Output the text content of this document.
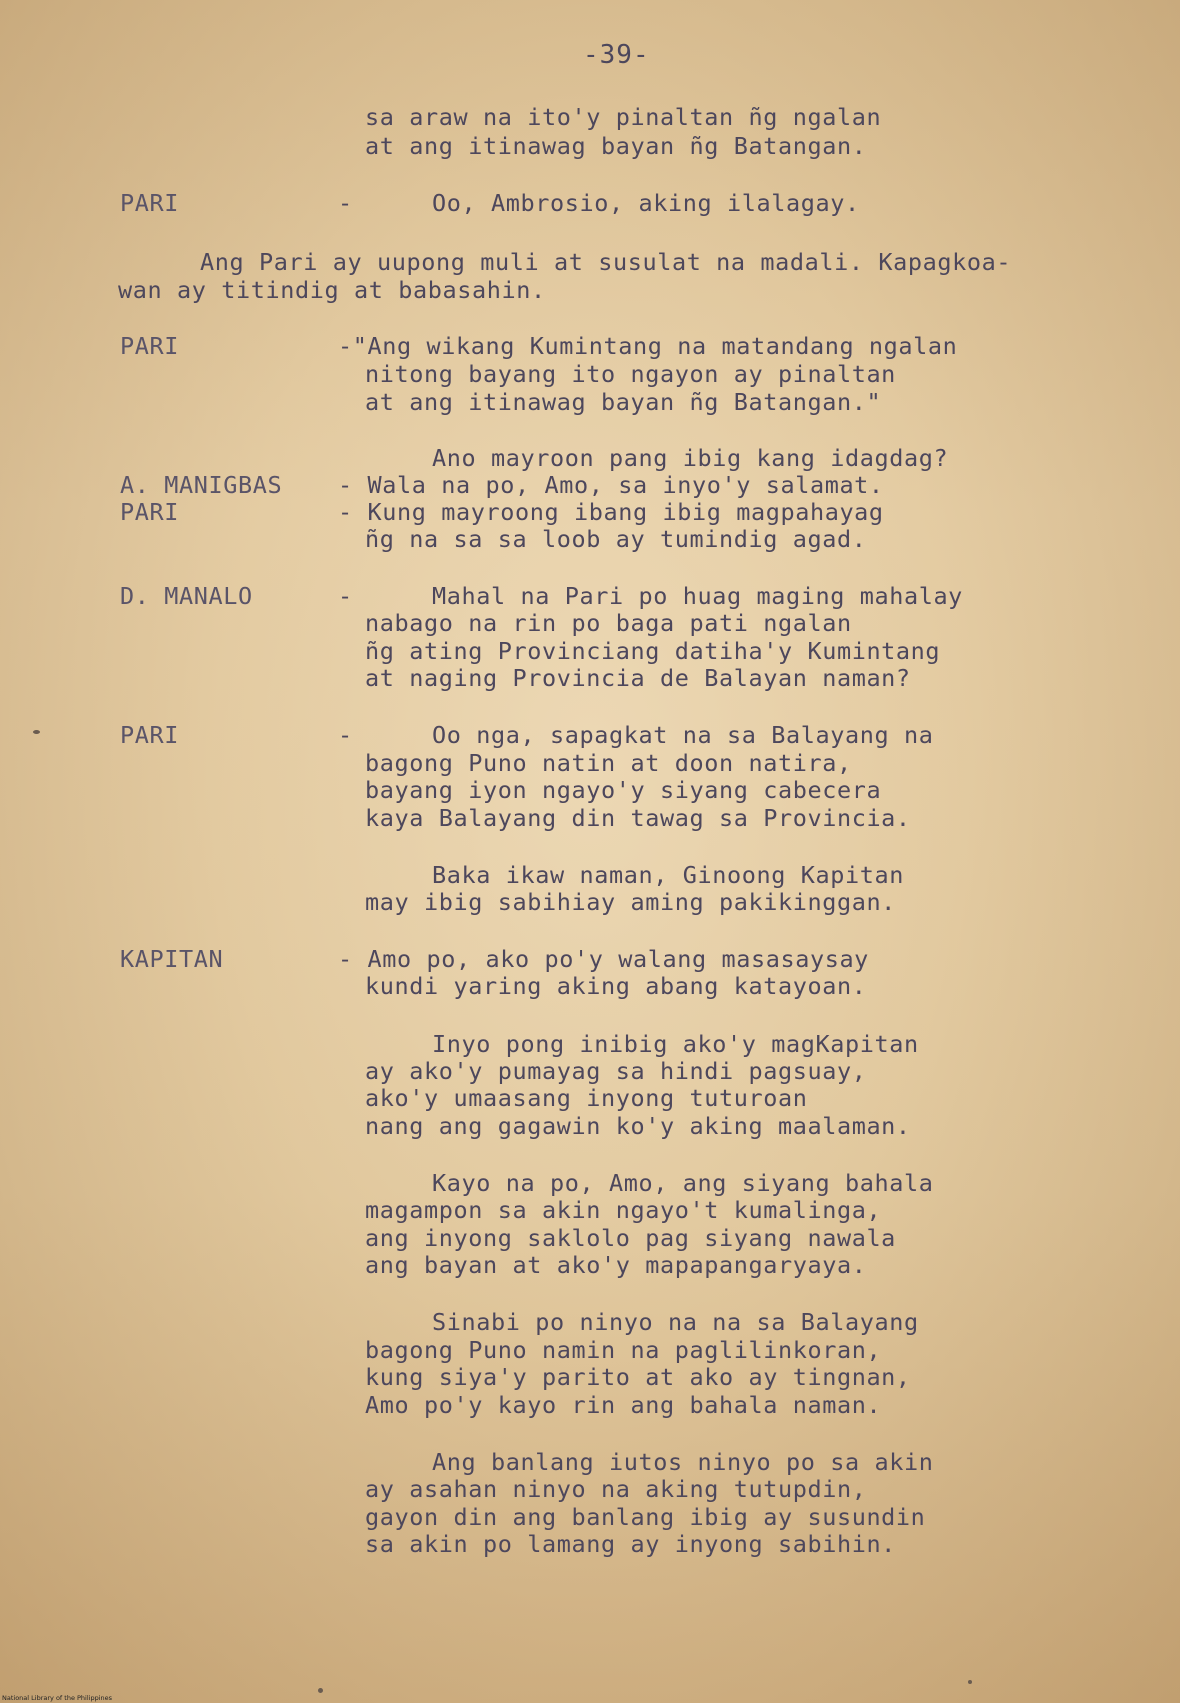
-39-
sa araw na ito'y pinaltan ñg ngalan
at ang itinawag bayan ñg Batangan.
PARI	-	Oo, Ambrosio, aking ilalagay.
Ang Pari ay uupong muli at susulat na madali. Kapagkoa-
wan ay titindig at babasahin.
PARI	-"Ang wikang Kumintang na matandang ngalan
nitong bayang ito ngayon ay pinaltan
at ang itinawag bayan ñg Batangan."
Ano mayroon pang ibig kang idagdag?
A. MANIGBAS - Wala na po, Amo, sa inyo'y salamat.
PARI	- Kung mayroong ibang ibig magpahayag
ñg na sa sa loob ay tumindig agad.
D. MANALO	-	Mahal na Pari po huag maging mahalay
nabago na rin po baga pati ngalan
ñg ating Provinciang datiha'y Kumintang
at naging Provincia de Balayan naman?
PARI	-	Oo nga, sapagkat na sa Balayang na
bagong Puno natin at doon natira,
bayang iyon ngayo'y siyang cabecera
kaya Balayang din tawag sa Provincia.
Baka ikaw naman, Ginoong Kapitan
may ibig sabihiay aming pakikinggan.
KAPITAN	- Amo po, ako po'y walang masasaysay
kundi yaring aking abang katayoan.
Inyo pong inibig ako'y magKapitan
ay ako'y pumayag sa hindi pagsuay,
ako'y umaasang inyong tuturoan
nang ang gagawin ko'y aking maalaman.
Kayo na po, Amo, ang siyang bahala
magampon sa akin ngayo't kumalinga,
ang inyong saklolo pag siyang nawala
ang bayan at ako'y mapapangaryaya.
Sinabi po ninyo na na sa Balayang
bagong Puno namin na paglilinkoran,
kung siya'y parito at ako ay tingnan,
Amo po'y kayo rin ang bahala naman.
Ang banlang iutos ninyo po sa akin
ay asahan ninyo na aking tutupdin,
gayon din ang banlang ibig ay susundin
sa akin po lamang ay inyong sabihin.
National Library of the Philippines
